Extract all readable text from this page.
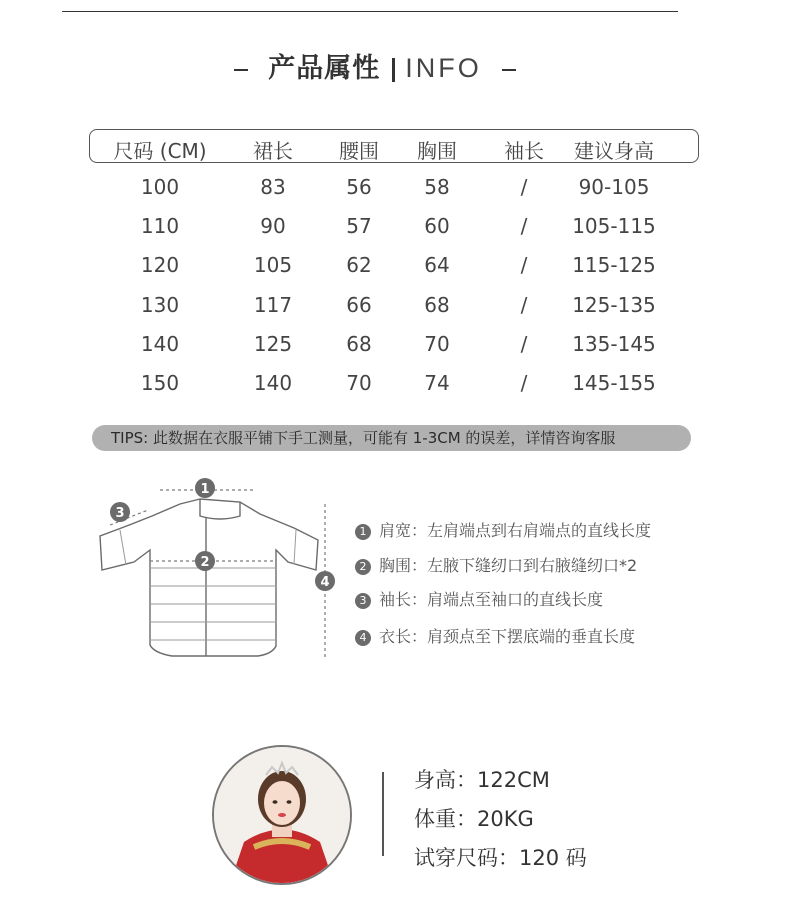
产品属性 INFO
尺码 (CM) 裙长 腰围 胸围 袖长 建议身高
100	83	56	58	/	90-105
110	90	57	60	/ 105-115
120	105	62	64	/ 115-125
130	117	66	68	/ 125-135
140	125	68	70	/ 135-145
150	140	70	74	/ 145-155
TIPS: 此数据在衣服平铺下手工测量，可能有 1-3CM 的误差，详情咨询客服
1
2
3
4
1 肩宽：左肩端点到右肩端点的直线长度
2 胸围：左腋下缝纫口到右腋缝纫口*2
3 袖长：肩端点至袖口的直线长度
4 衣长：肩颈点至下摆底端的垂直长度
身高：122CM
体重：20KG
试穿尺码：120 码
